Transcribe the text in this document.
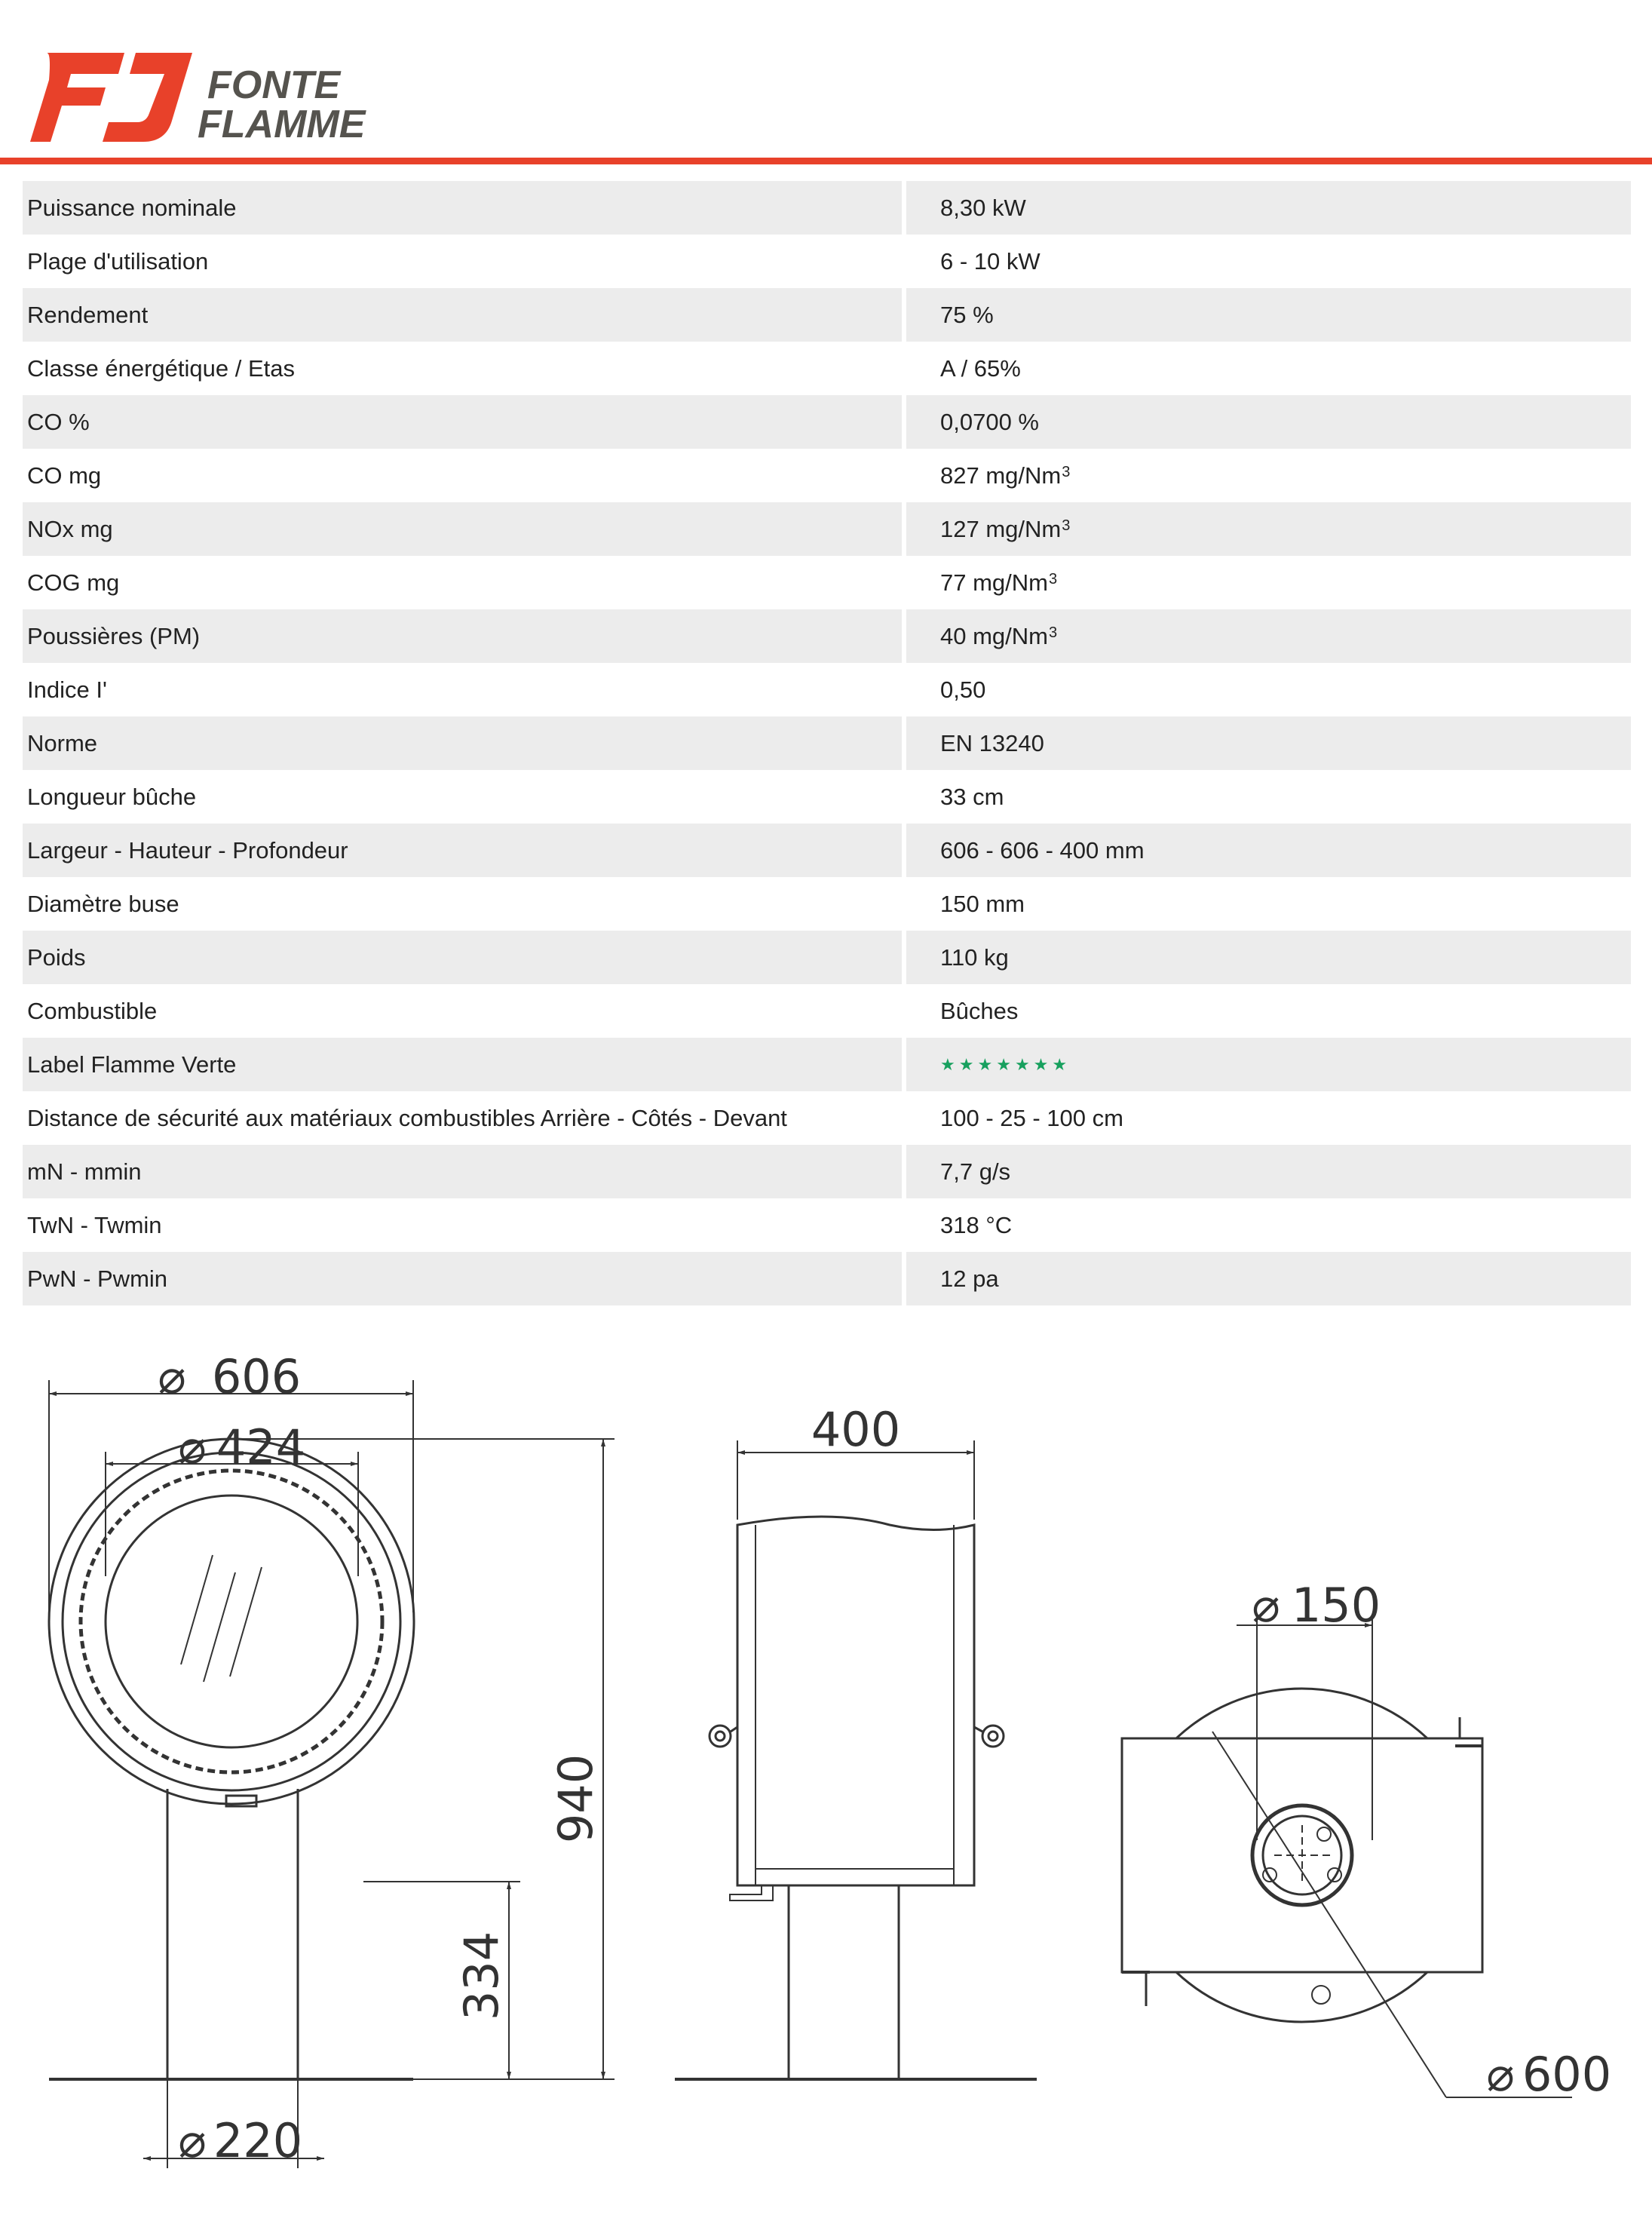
FONTE
FLAMME
Puissance nominale	8,30 kW
Plage d'utilisation	6 - 10 kW
Rendement	75 %
Classe énergétique / Etas	A / 65%
CO %	0,0700 %
CO mg	827 mg/Nm$^3$
NOx mg	127 mg/Nm$^3$
COG mg	77 mg/Nm$^3$
Poussières (PM)	40 mg/Nm$^3$
Indice I'	0,50
Norme	EN 13240
Longueur bûche	33 cm
Largeur - Hauteur - Profondeur	606 - 606 - 400 mm
Diamètre buse	150 mm
Poids	110 kg
Combustible	Bûches
Label Flamme Verte	★ ★ ★ ★ ★ ★ ★
Distance de sécurité aux matériaux combustibles Arrière - Côtés - Devant	100 - 25 - 100 cm
mN - mmin	7,7 g/s
TwN - Twmin	318 °C
PwN - Pwmin	12 pa
⌀ 606
⌀ 424
940
334
⌀ 220
400
⌀ 150
⌀ 600
